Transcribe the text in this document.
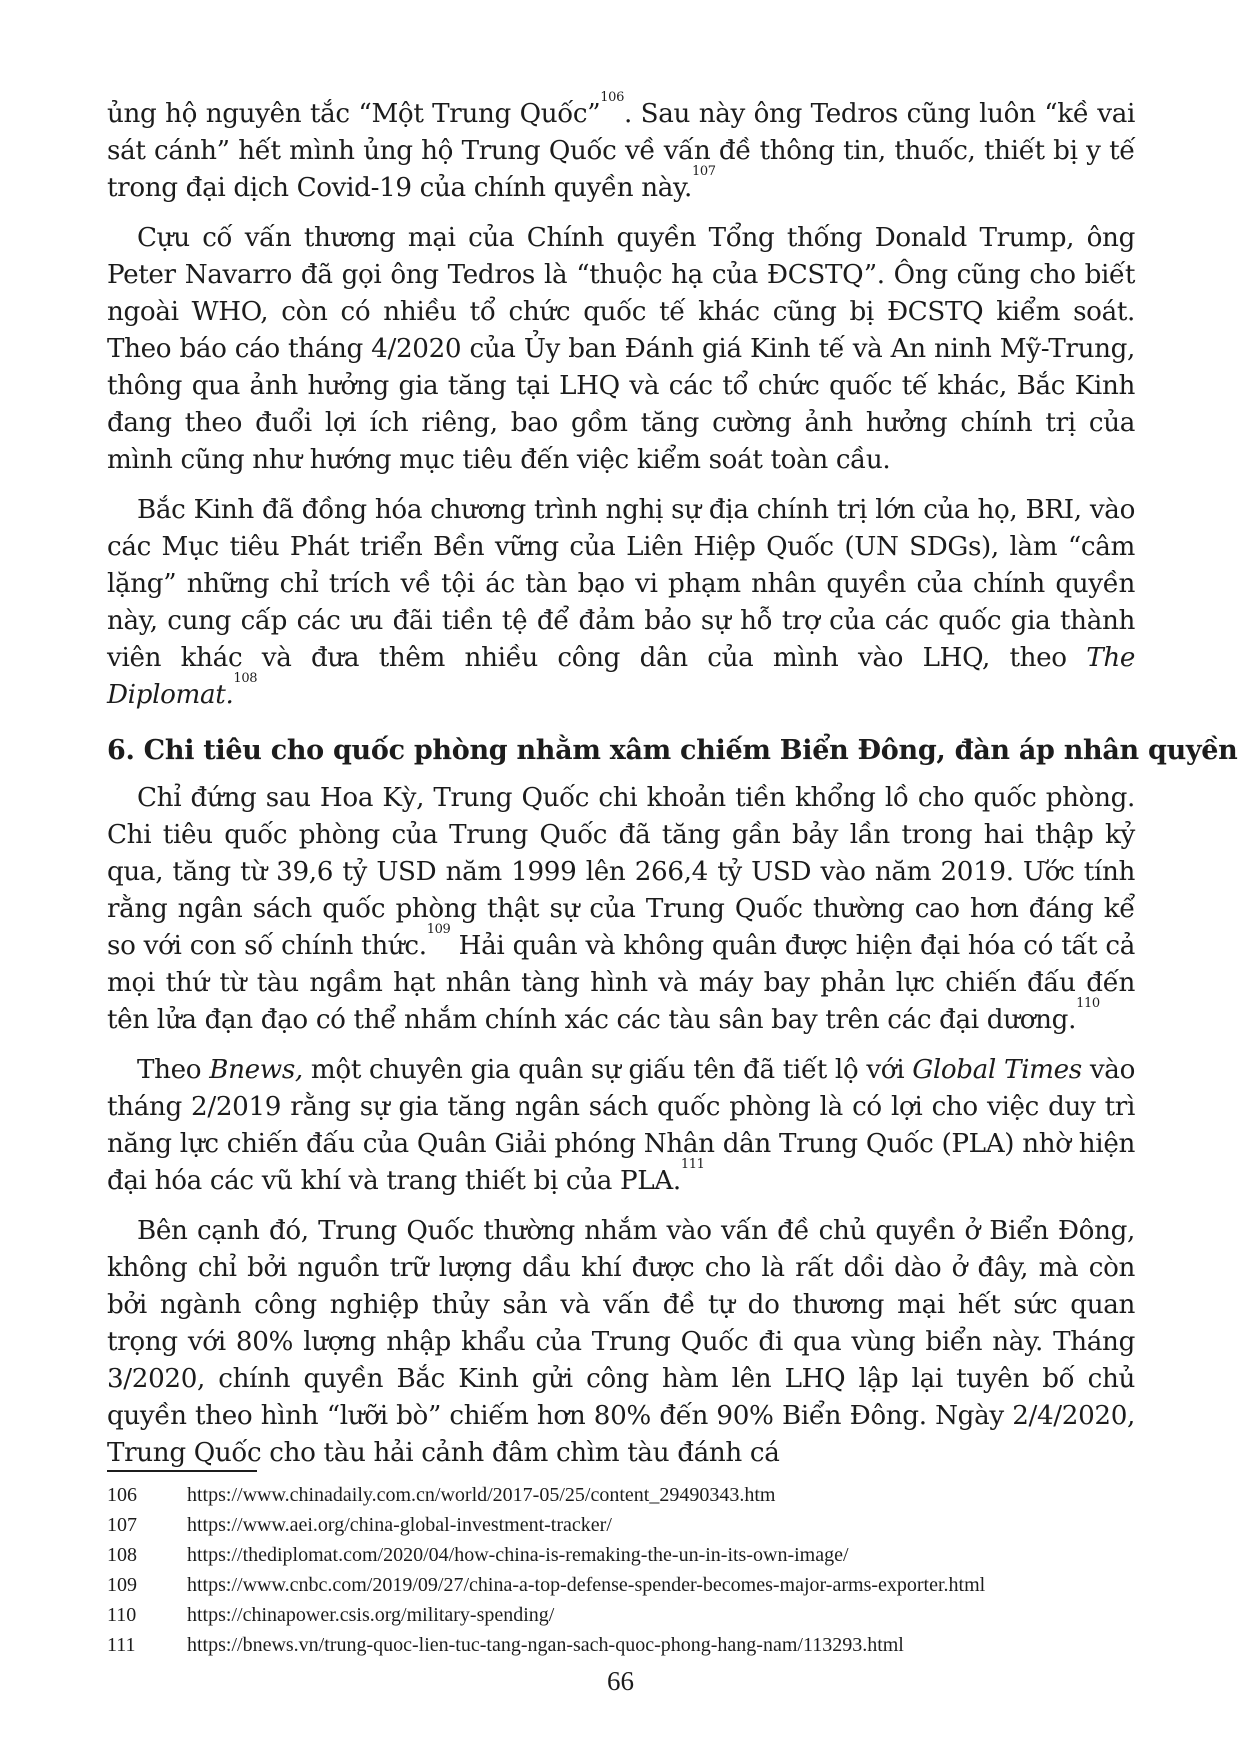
ủng hộ nguyên tắc “Một Trung Quốc”$^{106}$. Sau này ông Tedros cũng luôn “kề vai sát cánh” hết mình ủng hộ Trung Quốc về vấn đề thông tin, thuốc, thiết bị y tế trong đại dịch Covid-19 của chính quyền này.$^{107}$

Cựu cố vấn thương mại của Chính quyền Tổng thống Donald Trump, ông Peter Navarro đã gọi ông Tedros là “thuộc hạ của ĐCSTQ”. Ông cũng cho biết ngoài WHO, còn có nhiều tổ chức quốc tế khác cũng bị ĐCSTQ kiểm soát. Theo báo cáo tháng 4/2020 của Ủy ban Đánh giá Kinh tế và An ninh Mỹ-Trung, thông qua ảnh hưởng gia tăng tại LHQ và các tổ chức quốc tế khác, Bắc Kinh đang theo đuổi lợi ích riêng, bao gồm tăng cường ảnh hưởng chính trị của mình cũng như hướng mục tiêu đến việc kiểm soát toàn cầu.

Bắc Kinh đã đồng hóa chương trình nghị sự địa chính trị lớn của họ, BRI, vào các Mục tiêu Phát triển Bền vững của Liên Hiệp Quốc (UN SDGs), làm “câm lặng” những chỉ trích về tội ác tàn bạo vi phạm nhân quyền của chính quyền này, cung cấp các ưu đãi tiền tệ để đảm bảo sự hỗ trợ của các quốc gia thành viên khác và đưa thêm nhiều công dân của mình vào LHQ, theo The Diplomat.$^{108}$

6. Chi tiêu cho quốc phòng nhằm xâm chiếm Biển Đông, đàn áp nhân quyền

Chỉ đứng sau Hoa Kỳ, Trung Quốc chi khoản tiền khổng lồ cho quốc phòng. Chi tiêu quốc phòng của Trung Quốc đã tăng gần bảy lần trong hai thập kỷ qua, tăng từ 39,6 tỷ USD năm 1999 lên 266,4 tỷ USD vào năm 2019. Ước tính rằng ngân sách quốc phòng thật sự của Trung Quốc thường cao hơn đáng kể so với con số chính thức.$^{109}$ Hải quân và không quân được hiện đại hóa có tất cả mọi thứ từ tàu ngầm hạt nhân tàng hình và máy bay phản lực chiến đấu đến tên lửa đạn đạo có thể nhắm chính xác các tàu sân bay trên các đại dương.$^{110}$

Theo Bnews, một chuyên gia quân sự giấu tên đã tiết lộ với Global Times vào tháng 2/2019 rằng sự gia tăng ngân sách quốc phòng là có lợi cho việc duy trì năng lực chiến đấu của Quân Giải phóng Nhân dân Trung Quốc (PLA) nhờ hiện đại hóa các vũ khí và trang thiết bị của PLA.$^{111}$

Bên cạnh đó, Trung Quốc thường nhắm vào vấn đề chủ quyền ở Biển Đông, không chỉ bởi nguồn trữ lượng dầu khí được cho là rất dồi dào ở đây, mà còn bởi ngành công nghiệp thủy sản và vấn đề tự do thương mại hết sức quan trọng với 80% lượng nhập khẩu của Trung Quốc đi qua vùng biển này. Tháng 3/2020, chính quyền Bắc Kinh gửi công hàm lên LHQ lập lại tuyên bố chủ quyền theo hình “lưỡi bò” chiếm hơn 80% đến 90% Biển Đông. Ngày 2/4/2020, Trung Quốc cho tàu hải cảnh đâm chìm tàu đánh cá

106	https://www.chinadaily.com.cn/world/2017-05/25/content_29490343.htm
107	https://www.aei.org/china-global-investment-tracker/
108	https://thediplomat.com/2020/04/how-china-is-remaking-the-un-in-its-own-image/
109	https://www.cnbc.com/2019/09/27/china-a-top-defense-spender-becomes-major-arms-exporter.html
110	https://chinapower.csis.org/military-spending/
111	https://bnews.vn/trung-quoc-lien-tuc-tang-ngan-sach-quoc-phong-hang-nam/113293.html
66
